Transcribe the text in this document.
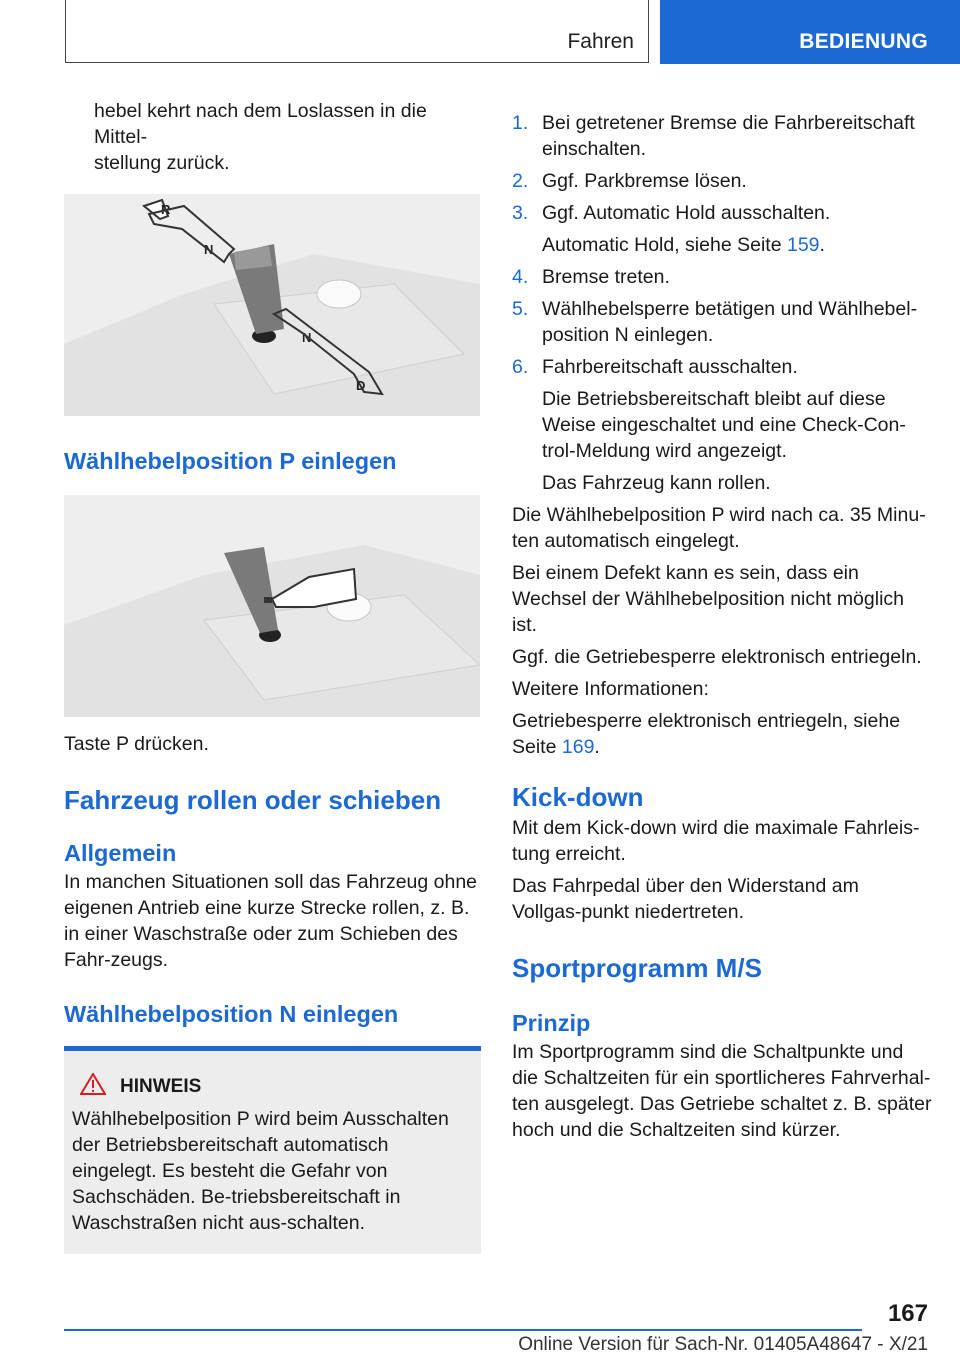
Fahren	BEDIENUNG

hebel kehrt nach dem Loslassen in die Mittel-

stellung zurück.

R
N
N
D
Wählhebelposition P einlegen

Taste P drücken.

Fahrzeug rollen oder schieben
Allgemein

In manchen Situationen soll das Fahrzeug ohne eigenen Antrieb eine kurze Strecke rollen, z. B. in einer Waschstraße oder zum Schieben des Fahr-zeugs.

Wählhebelposition N einlegen
HINWEIS

Wählhebelposition P wird beim Ausschalten der Betriebsbereitschaft automatisch eingelegt. Es besteht die Gefahr von Sachschäden. Be-triebsbereitschaft in Waschstraßen nicht aus-schalten.

1. Bei getretener Bremse die Fahrbereitschaft einschalten.
2. Ggf. Parkbremse lösen.
3. Ggf. Automatic Hold ausschalten.
Automatic Hold, siehe Seite 159.
4. Bremse treten.
5. Wählhebelsperre betätigen und Wählhebel-position N einlegen.
6. Fahrbereitschaft ausschalten.
Die Betriebsbereitschaft bleibt auf diese Weise eingeschaltet und eine Check-Con-trol-Meldung wird angezeigt.
Das Fahrzeug kann rollen.

Die Wählhebelposition P wird nach ca. 35 Minu-ten automatisch eingelegt.

Bei einem Defekt kann es sein, dass ein Wechsel der Wählhebelposition nicht möglich ist.

Ggf. die Getriebesperre elektronisch entriegeln.

Weitere Informationen:

Getriebesperre elektronisch entriegeln, siehe Seite 169.

Kick-down

Mit dem Kick-down wird die maximale Fahrleis-tung erreicht.

Das Fahrpedal über den Widerstand am Vollgas-punkt niedertreten.

Sportprogramm M/S
Prinzip

Im Sportprogramm sind die Schaltpunkte und die Schaltzeiten für ein sportlicheres Fahrverhal-ten ausgelegt. Das Getriebe schaltet z. B. später hoch und die Schaltzeiten sind kürzer.

167
Online Version für Sach-Nr. 01405A48647 - X/21
